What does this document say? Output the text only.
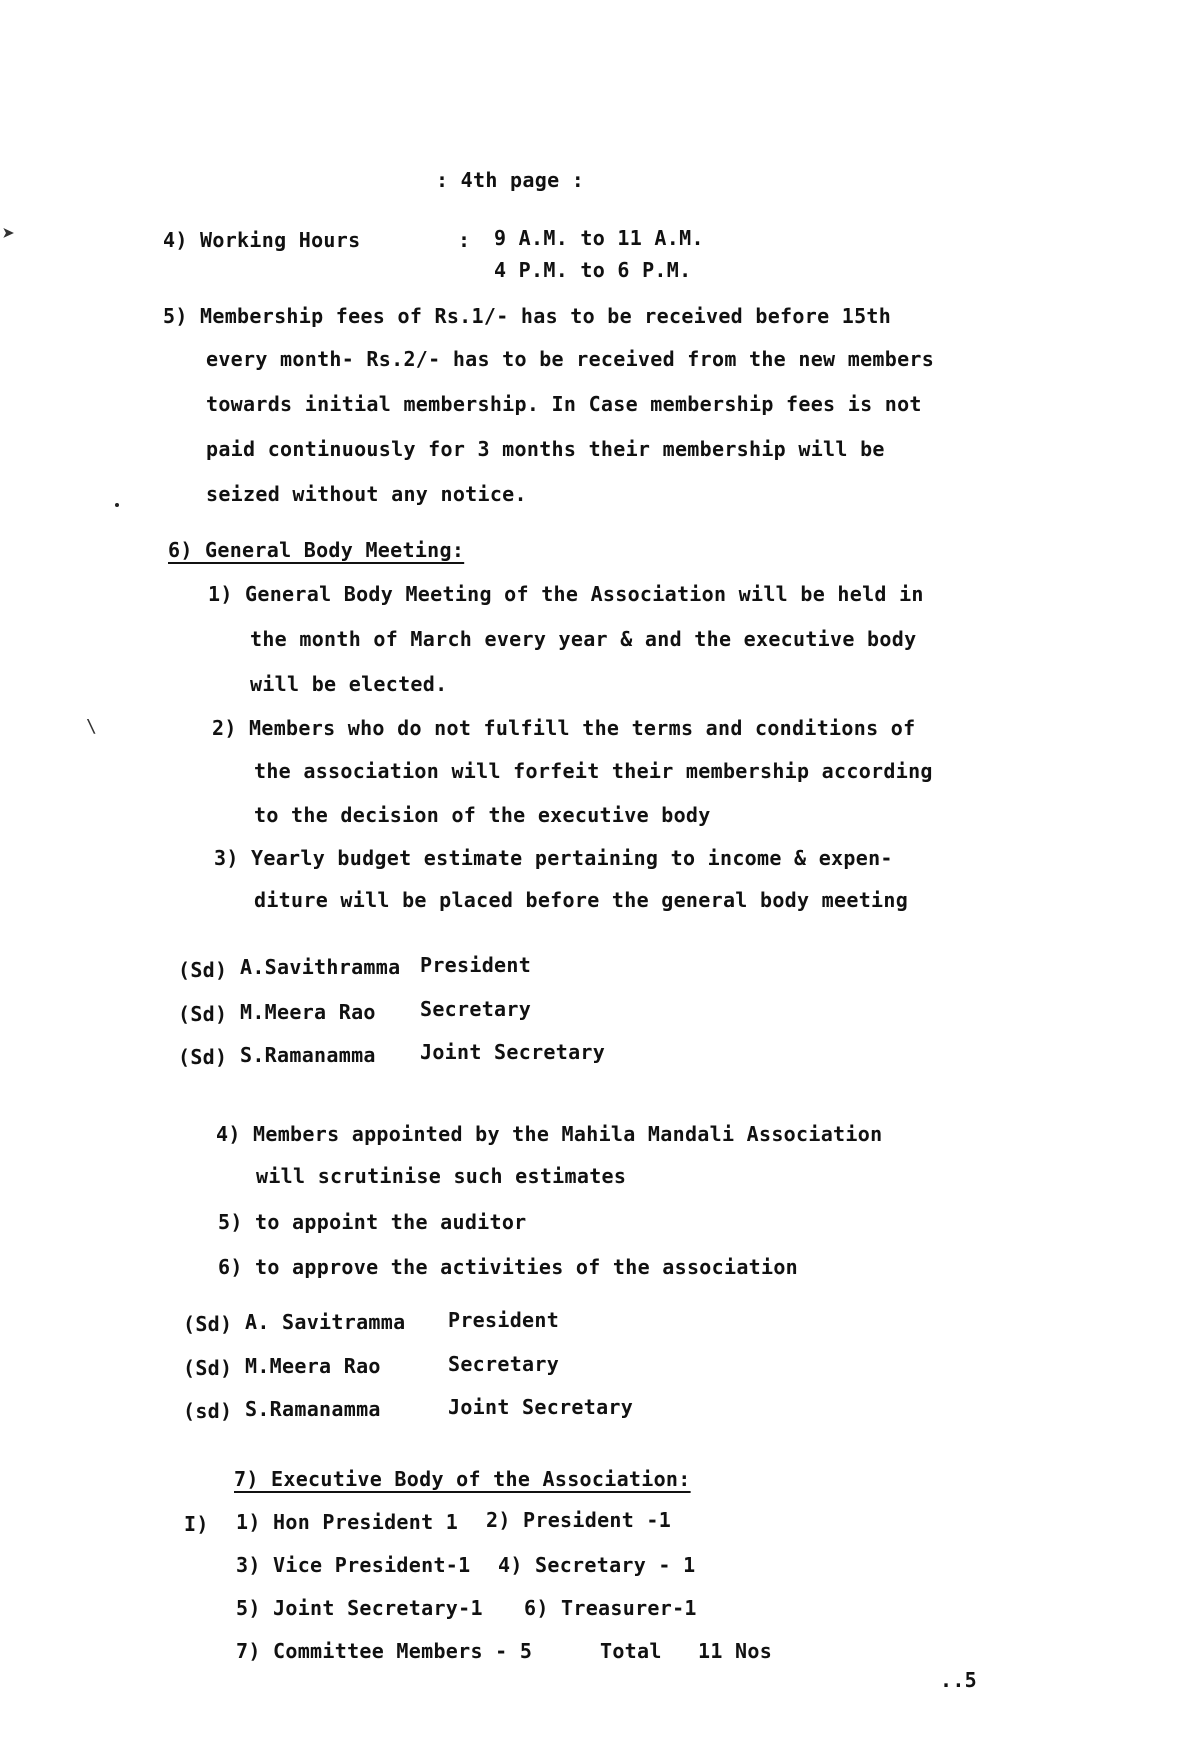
➤
\
: 4th page :
4) Working Hours	: 9 A.M. to 11 A.M.
4 P.M. to 6 P.M.
5) Membership fees of Rs.1/- has to be received before 15th
every month- Rs.2/- has to be received from the new members
towards initial membership. In Case membership fees is not
paid continuously for 3 months their membership will be
seized without any notice.
6) General Body Meeting:
1) General Body Meeting of the Association will be held in
the month of March every year & and the executive body
will be elected.
2) Members who do not fulfill the terms and conditions of
the association will forfeit their membership according
to the decision of the executive body
3) Yearly budget estimate pertaining to income & expen-
diture will be placed before the general body meeting
(Sd) A.Savithramma President
(Sd) M.Meera Rao Secretary
(Sd) S.Ramanamma Joint Secretary
4) Members appointed by the Mahila Mandali Association
will scrutinise such estimates
5) to appoint the auditor
6) to approve the activities of the association
(Sd) A. Savitramma President
(Sd) M.Meera Rao	Secretary
(sd) S.Ramanamma	Joint Secretary
7) Executive Body of the Association:
I) 1) Hon President 1 2) President -1
3) Vice President-1 4) Secretary - 1
5) Joint Secretary-1 6) Treasurer-1
7) Committee Members - 5	Total 11 Nos
..5
